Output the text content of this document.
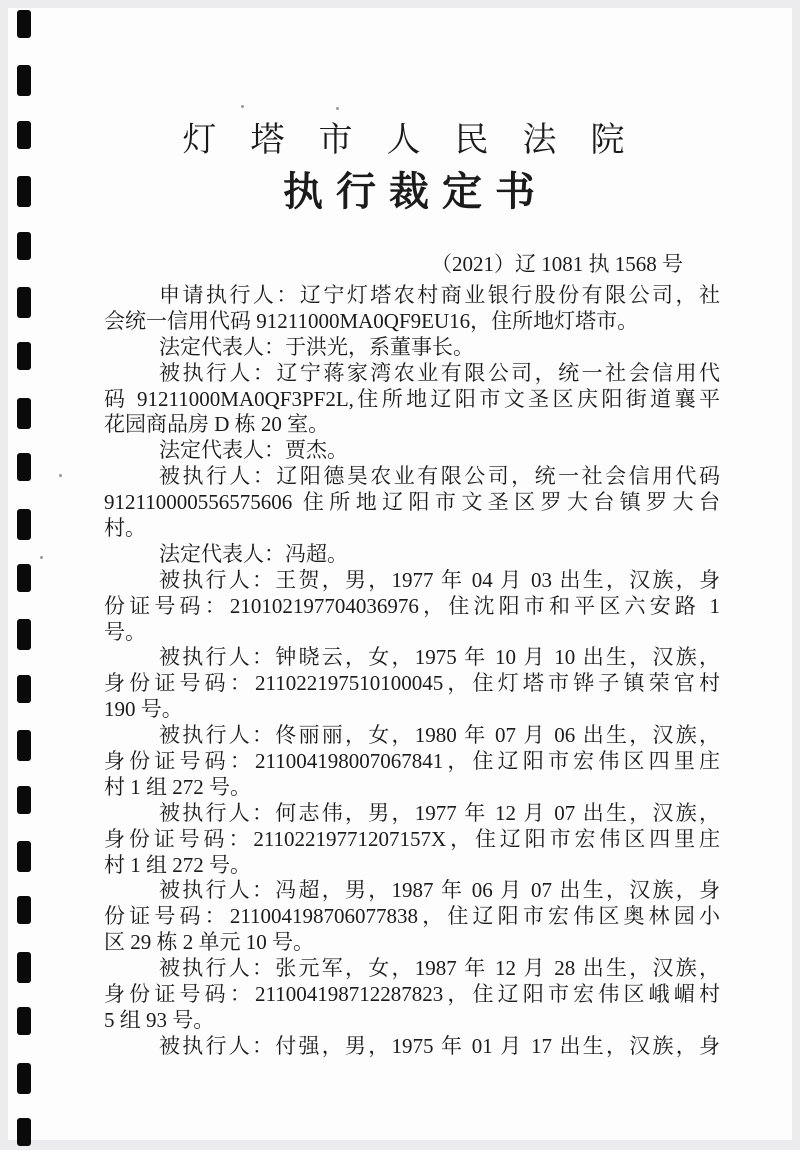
灯塔市人民法院
执行裁定书
（2021）辽 1081 执 1568 号
申请执行人：辽宁灯塔农村商业银行股份有限公司，社
会统一信用代码 91211000MA0QF9EU16，住所地灯塔市。
法定代表人：于洪光，系董事长。
被执行人：辽宁蒋家湾农业有限公司，统一社会信用代
码 91211000MA0QF3PF2L,住所地辽阳市文圣区庆阳街道襄平
花园商品房 D 栋 20 室。
法定代表人：贾杰。
被执行人：辽阳德昊农业有限公司，统一社会信用代码
912110000556575606 住所地辽阳市文圣区罗大台镇罗大台
村。
法定代表人：冯超。
被执行人：王贺，男，1977 年 04 月 03 出生，汉族，身
份证号码：210102197704036976，住沈阳市和平区六安路 1
号。
被执行人：钟晓云，女，1975 年 10 月 10 出生，汉族，
身份证号码：211022197510100045，住灯塔市铧子镇荣官村
190 号。
被执行人：佟丽丽，女，1980 年 07 月 06 出生，汉族，
身份证号码：211004198007067841，住辽阳市宏伟区四里庄
村 1 组 272 号。
被执行人：何志伟，男，1977 年 12 月 07 出生，汉族，
身份证号码：21102219771207157X，住辽阳市宏伟区四里庄
村 1 组 272 号。
被执行人：冯超，男，1987 年 06 月 07 出生，汉族，身
份证号码：211004198706077838，住辽阳市宏伟区奥林园小
区 29 栋 2 单元 10 号。
被执行人：张元军，女，1987 年 12 月 28 出生，汉族，
身份证号码：211004198712287823，住辽阳市宏伟区峨嵋村
5 组 93 号。
被执行人：付强，男，1975 年 01 月 17 出生，汉族，身
